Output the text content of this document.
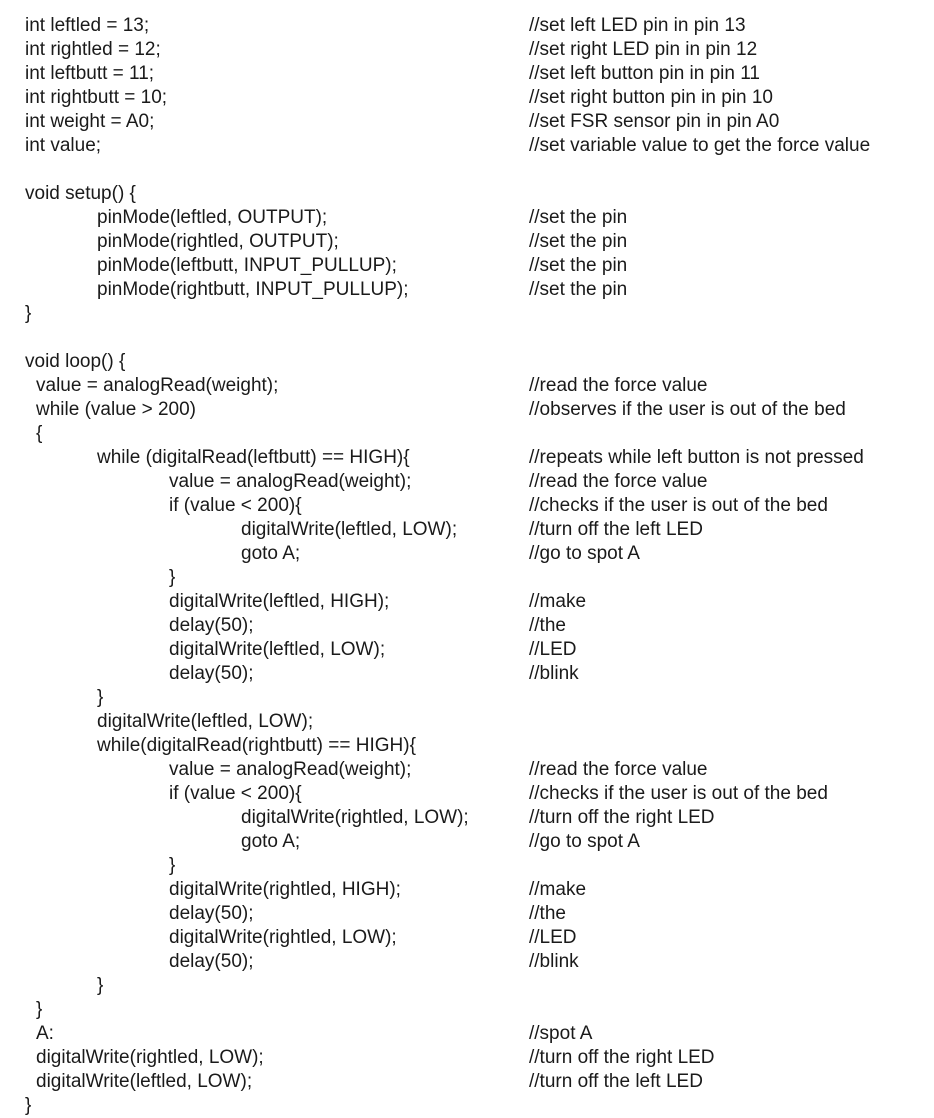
int leftled = 13;	//set left LED pin in pin 13
int rightled = 12;	//set right LED pin in pin 12
int leftbutt = 11;	//set left button pin in pin 11
int rightbutt = 10;	//set right button pin in pin 10
int weight = A0;	//set FSR sensor pin in pin A0
int value;	//set variable value to get the force value
void setup() {
pinMode(leftled, OUTPUT);	//set the pin
pinMode(rightled, OUTPUT);	//set the pin
pinMode(leftbutt, INPUT_PULLUP);	//set the pin
pinMode(rightbutt, INPUT_PULLUP);	//set the pin
}
void loop() {
value = analogRead(weight);	//read the force value
while (value > 200)	//observes if the user is out of the bed
{
while (digitalRead(leftbutt) == HIGH){	//repeats while left button is not pressed
value = analogRead(weight);	//read the force value
if (value < 200){	//checks if the user is out of the bed
digitalWrite(leftled, LOW);	//turn off the left LED
goto A;	//go to spot A
}
digitalWrite(leftled, HIGH);	//make
delay(50);	//the
digitalWrite(leftled, LOW);	//LED
delay(50);	//blink
}
digitalWrite(leftled, LOW);
while(digitalRead(rightbutt) == HIGH){
value = analogRead(weight);	//read the force value
if (value < 200){	//checks if the user is out of the bed
digitalWrite(rightled, LOW);	//turn off the right LED
goto A;	//go to spot A
}
digitalWrite(rightled, HIGH);	//make
delay(50);	//the
digitalWrite(rightled, LOW);	//LED
delay(50);	//blink
}
}
A:	//spot A
digitalWrite(rightled, LOW);	//turn off the right LED
digitalWrite(leftled, LOW);	//turn off the left LED
}
